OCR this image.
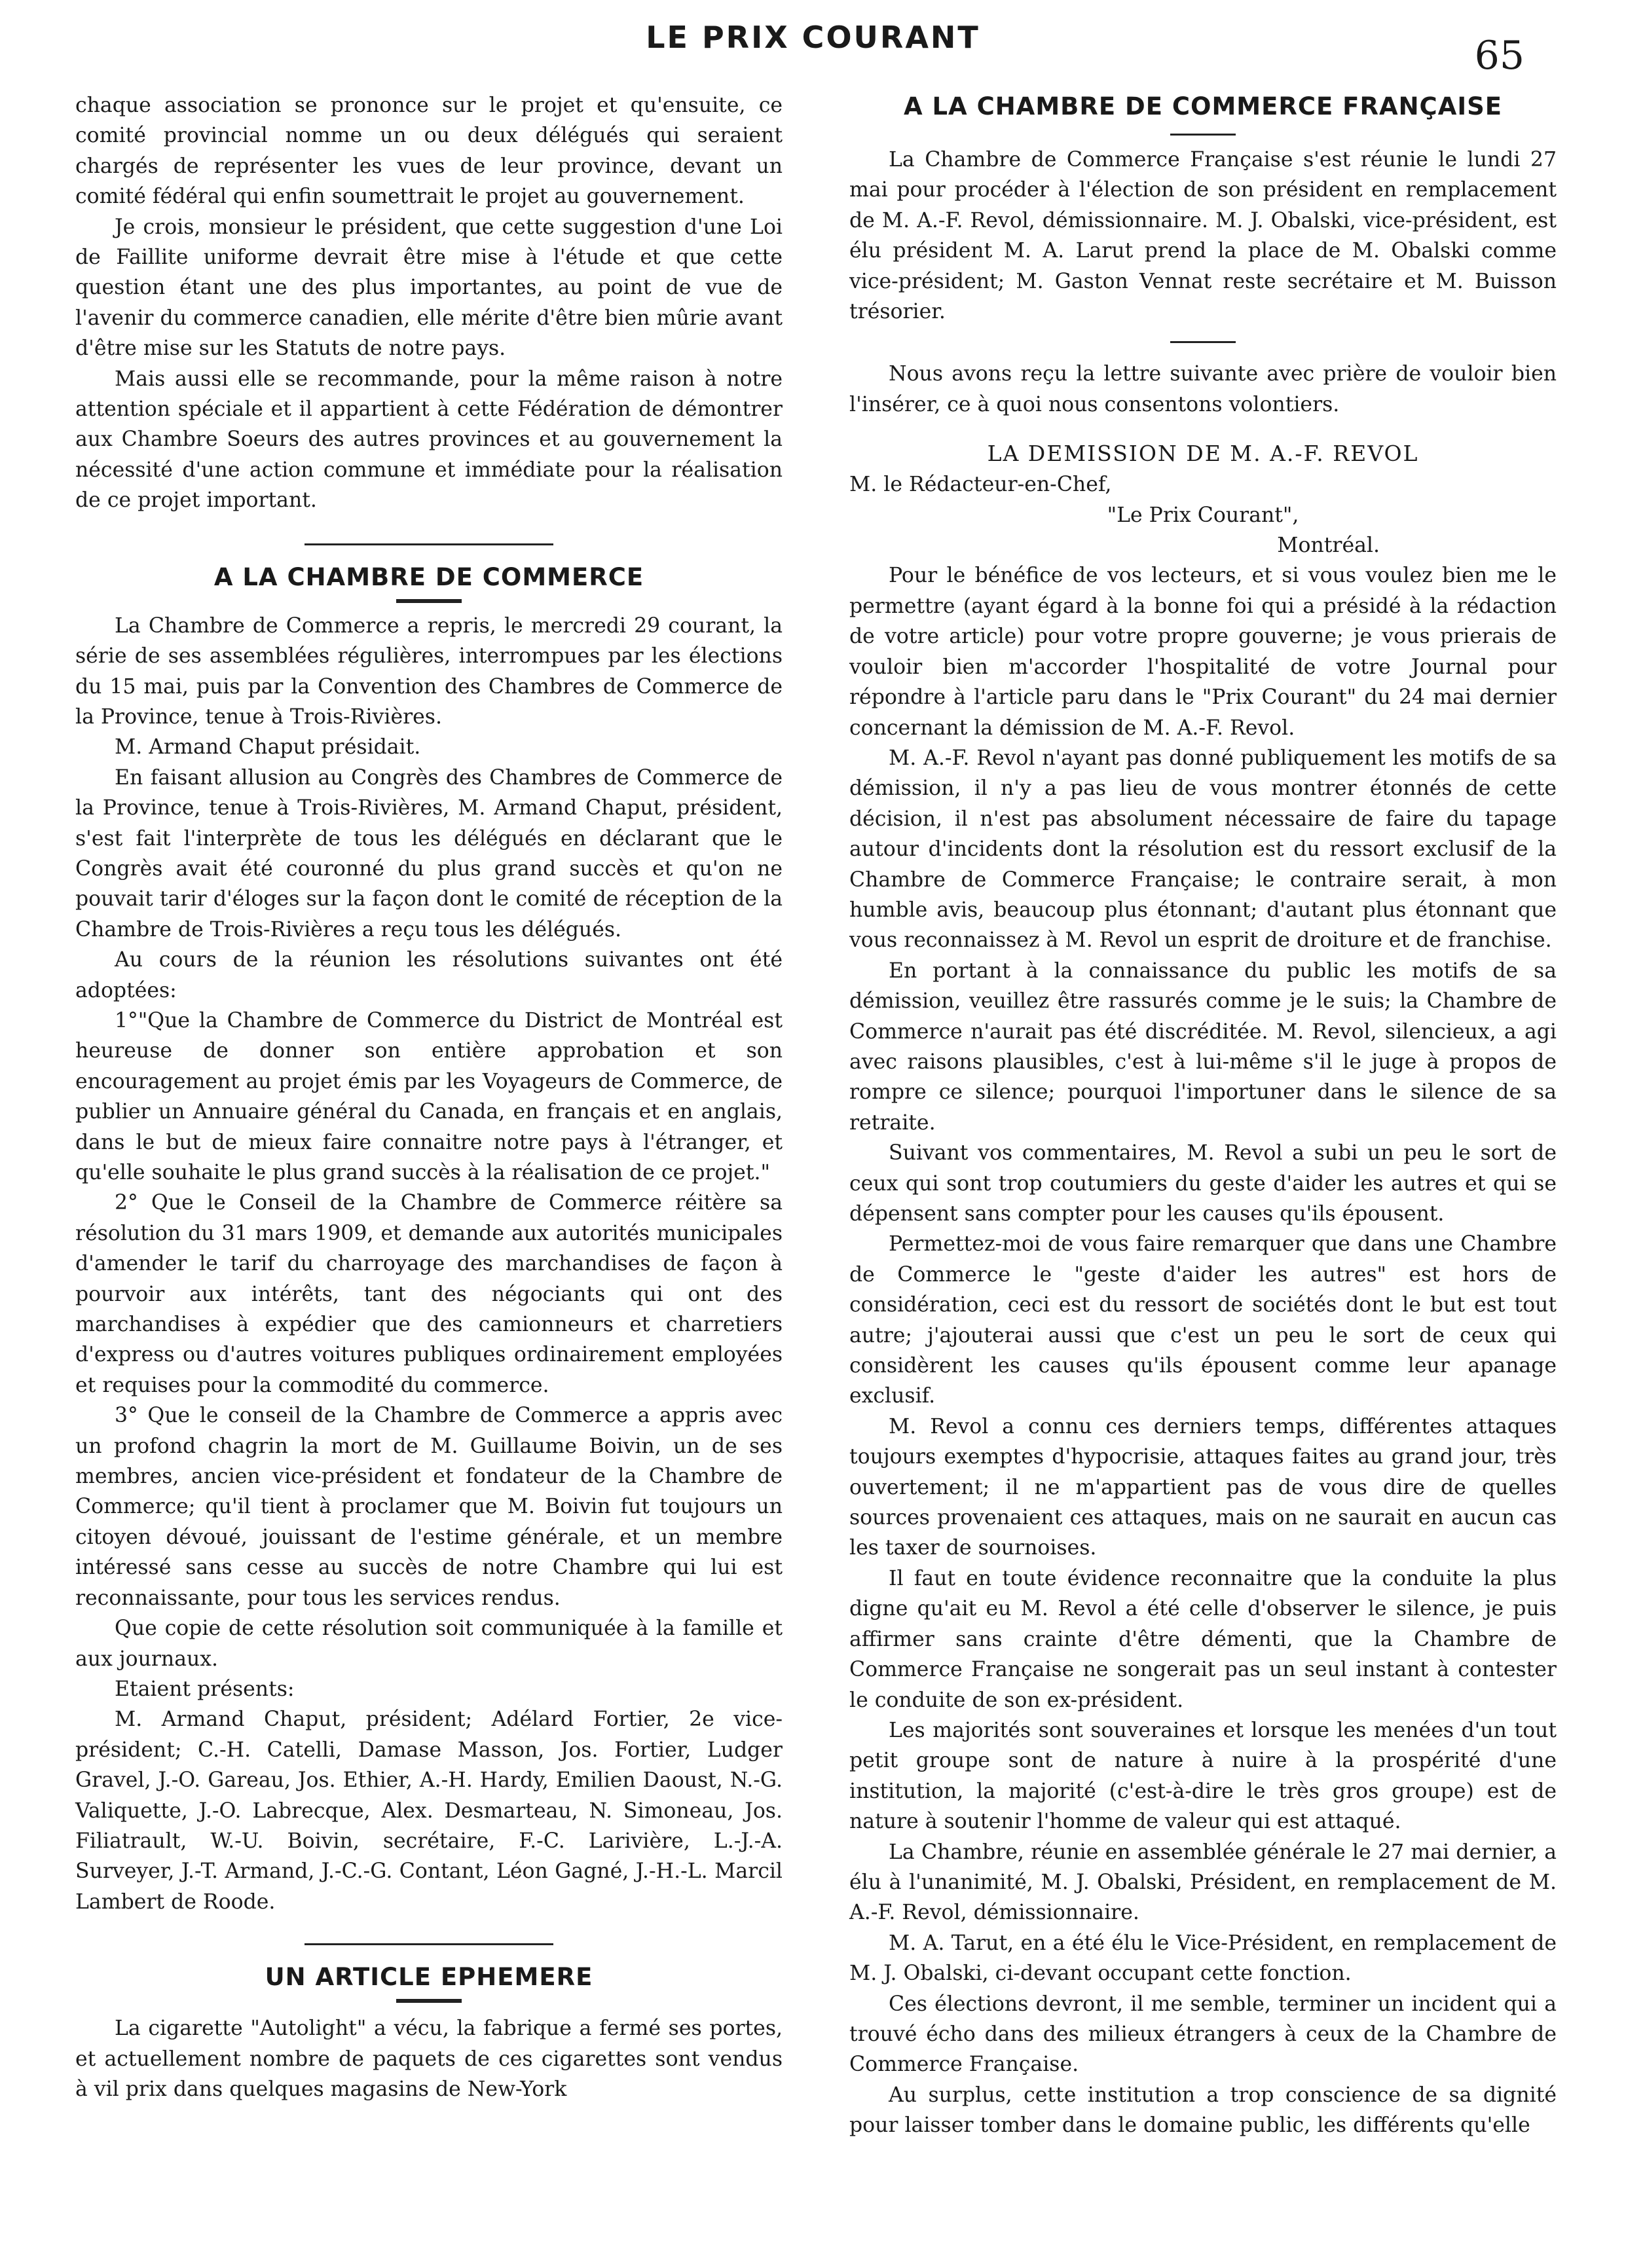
LE PRIX COURANT	65

chaque association se prononce sur le projet et qu'ensuite, ce comité provincial nomme un ou deux délégués qui seraient chargés de représenter les vues de leur province, devant un comité fédéral qui enfin soumettrait le projet au gouvernement.

Je crois, monsieur le président, que cette suggestion d'une Loi de Faillite uniforme devrait être mise à l'étude et que cette question étant une des plus importantes, au point de vue de l'avenir du commerce canadien, elle mérite d'être bien mûrie avant d'être mise sur les Statuts de notre pays.

Mais aussi elle se recommande, pour la même raison à notre attention spéciale et il appartient à cette Fédération de démontrer aux Chambre Soeurs des autres provinces et au gouvernement la nécessité d'une action commune et immédiate pour la réalisation de ce projet important.

A LA CHAMBRE DE COMMERCE

La Chambre de Commerce a repris, le mercredi 29 courant, la série de ses assemblées régulières, interrompues par les élections du 15 mai, puis par la Convention des Chambres de Commerce de la Province, tenue à Trois-Rivières.

M. Armand Chaput présidait.

En faisant allusion au Congrès des Chambres de Commerce de la Province, tenue à Trois-Rivières, M. Armand Chaput, président, s'est fait l'interprète de tous les délégués en déclarant que le Congrès avait été couronné du plus grand succès et qu'on ne pouvait tarir d'éloges sur la façon dont le comité de réception de la Chambre de Trois-Rivières a reçu tous les délégués.

Au cours de la réunion les résolutions suivantes ont été adoptées:

1°"Que la Chambre de Commerce du District de Montréal est heureuse de donner son entière approbation et son encouragement au projet émis par les Voyageurs de Commerce, de publier un Annuaire général du Canada, en français et en anglais, dans le but de mieux faire connaitre notre pays à l'étranger, et qu'elle souhaite le plus grand succès à la réalisation de ce projet."

2° Que le Conseil de la Chambre de Commerce réitère sa résolution du 31 mars 1909, et demande aux autorités municipales d'amender le tarif du charroyage des marchandises de façon à pourvoir aux intérêts, tant des négociants qui ont des marchandises à expédier que des camionneurs et charretiers d'express ou d'autres voitures publiques ordinairement employées et requises pour la commodité du commerce.

3° Que le conseil de la Chambre de Commerce a appris avec un profond chagrin la mort de M. Guillaume Boivin, un de ses membres, ancien vice-président et fondateur de la Chambre de Commerce; qu'il tient à proclamer que M. Boivin fut toujours un citoyen dévoué, jouissant de l'estime générale, et un membre intéressé sans cesse au succès de notre Chambre qui lui est reconnaissante, pour tous les services rendus.

Que copie de cette résolution soit communiquée à la famille et aux journaux.

Etaient présents:

M. Armand Chaput, président; Adélard Fortier, 2e vice-président; C.-H. Catelli, Damase Masson, Jos. Fortier, Ludger Gravel, J.-O. Gareau, Jos. Ethier, A.-H. Hardy, Emilien Daoust, N.-G. Valiquette, J.-O. Labrecque, Alex. Desmarteau, N. Simoneau, Jos. Filiatrault, W.-U. Boivin, secrétaire, F.-C. Larivière, L.-J.-A. Surveyer, J.-T. Armand, J.-C.-G. Contant, Léon Gagné, J.-H.-L. Marcil Lambert de Roode.

UN ARTICLE EPHEMERE

La cigarette "Autolight" a vécu, la fabrique a fermé ses portes, et actuellement nombre de paquets de ces cigarettes sont vendus à vil prix dans quelques magasins de New-York

A LA CHAMBRE DE COMMERCE FRANÇAISE

La Chambre de Commerce Française s'est réunie le lundi 27 mai pour procéder à l'élection de son président en remplacement de M. A.-F. Revol, démissionnaire. M. J. Obalski, vice-président, est élu président M. A. Larut prend la place de M. Obalski comme vice-président; M. Gaston Vennat reste secrétaire et M. Buisson trésorier.

Nous avons reçu la lettre suivante avec prière de vouloir bien l'insérer, ce à quoi nous consentons volontiers.

LA DEMISSION DE M. A.-F. REVOL

M. le Rédacteur-en-Chef,

"Le Prix Courant",

Montréal.

Pour le bénéfice de vos lecteurs, et si vous voulez bien me le permettre (ayant égard à la bonne foi qui a présidé à la rédaction de votre article) pour votre propre gouverne; je vous prierais de vouloir bien m'accorder l'hospitalité de votre Journal pour répondre à l'article paru dans le "Prix Courant" du 24 mai dernier concernant la démission de M. A.-F. Revol.

M. A.-F. Revol n'ayant pas donné publiquement les motifs de sa démission, il n'y a pas lieu de vous montrer étonnés de cette décision, il n'est pas absolument nécessaire de faire du tapage autour d'incidents dont la résolution est du ressort exclusif de la Chambre de Commerce Française; le contraire serait, à mon humble avis, beaucoup plus étonnant; d'autant plus étonnant que vous reconnaissez à M. Revol un esprit de droiture et de franchise.

En portant à la connaissance du public les motifs de sa démission, veuillez être rassurés comme je le suis; la Chambre de Commerce n'aurait pas été discréditée. M. Revol, silencieux, a agi avec raisons plausibles, c'est à lui-même s'il le juge à propos de rompre ce silence; pourquoi l'importuner dans le silence de sa retraite.

Suivant vos commentaires, M. Revol a subi un peu le sort de ceux qui sont trop coutumiers du geste d'aider les autres et qui se dépensent sans compter pour les causes qu'ils épousent.

Permettez-moi de vous faire remarquer que dans une Chambre de Commerce le "geste d'aider les autres" est hors de considération, ceci est du ressort de sociétés dont le but est tout autre; j'ajouterai aussi que c'est un peu le sort de ceux qui considèrent les causes qu'ils épousent comme leur apanage exclusif.

M. Revol a connu ces derniers temps, différentes attaques toujours exemptes d'hypocrisie, attaques faites au grand jour, très ouvertement; il ne m'appartient pas de vous dire de quelles sources provenaient ces attaques, mais on ne saurait en aucun cas les taxer de sournoises.

Il faut en toute évidence reconnaitre que la conduite la plus digne qu'ait eu M. Revol a été celle d'observer le silence, je puis affirmer sans crainte d'être démenti, que la Chambre de Commerce Française ne songerait pas un seul instant à contester le conduite de son ex-président.

Les majorités sont souveraines et lorsque les menées d'un tout petit groupe sont de nature à nuire à la prospérité d'une institution, la majorité (c'est-à-dire le très gros groupe) est de nature à soutenir l'homme de valeur qui est attaqué.

La Chambre, réunie en assemblée générale le 27 mai dernier, a élu à l'unanimité, M. J. Obalski, Président, en remplacement de M. A.-F. Revol, démissionnaire.

M. A. Tarut, en a été élu le Vice-Président, en remplacement de M. J. Obalski, ci-devant occupant cette fonction.

Ces élections devront, il me semble, terminer un incident qui a trouvé écho dans des milieux étrangers à ceux de la Chambre de Commerce Française.

Au surplus, cette institution a trop conscience de sa dignité pour laisser tomber dans le domaine public, les différents qu'elle
